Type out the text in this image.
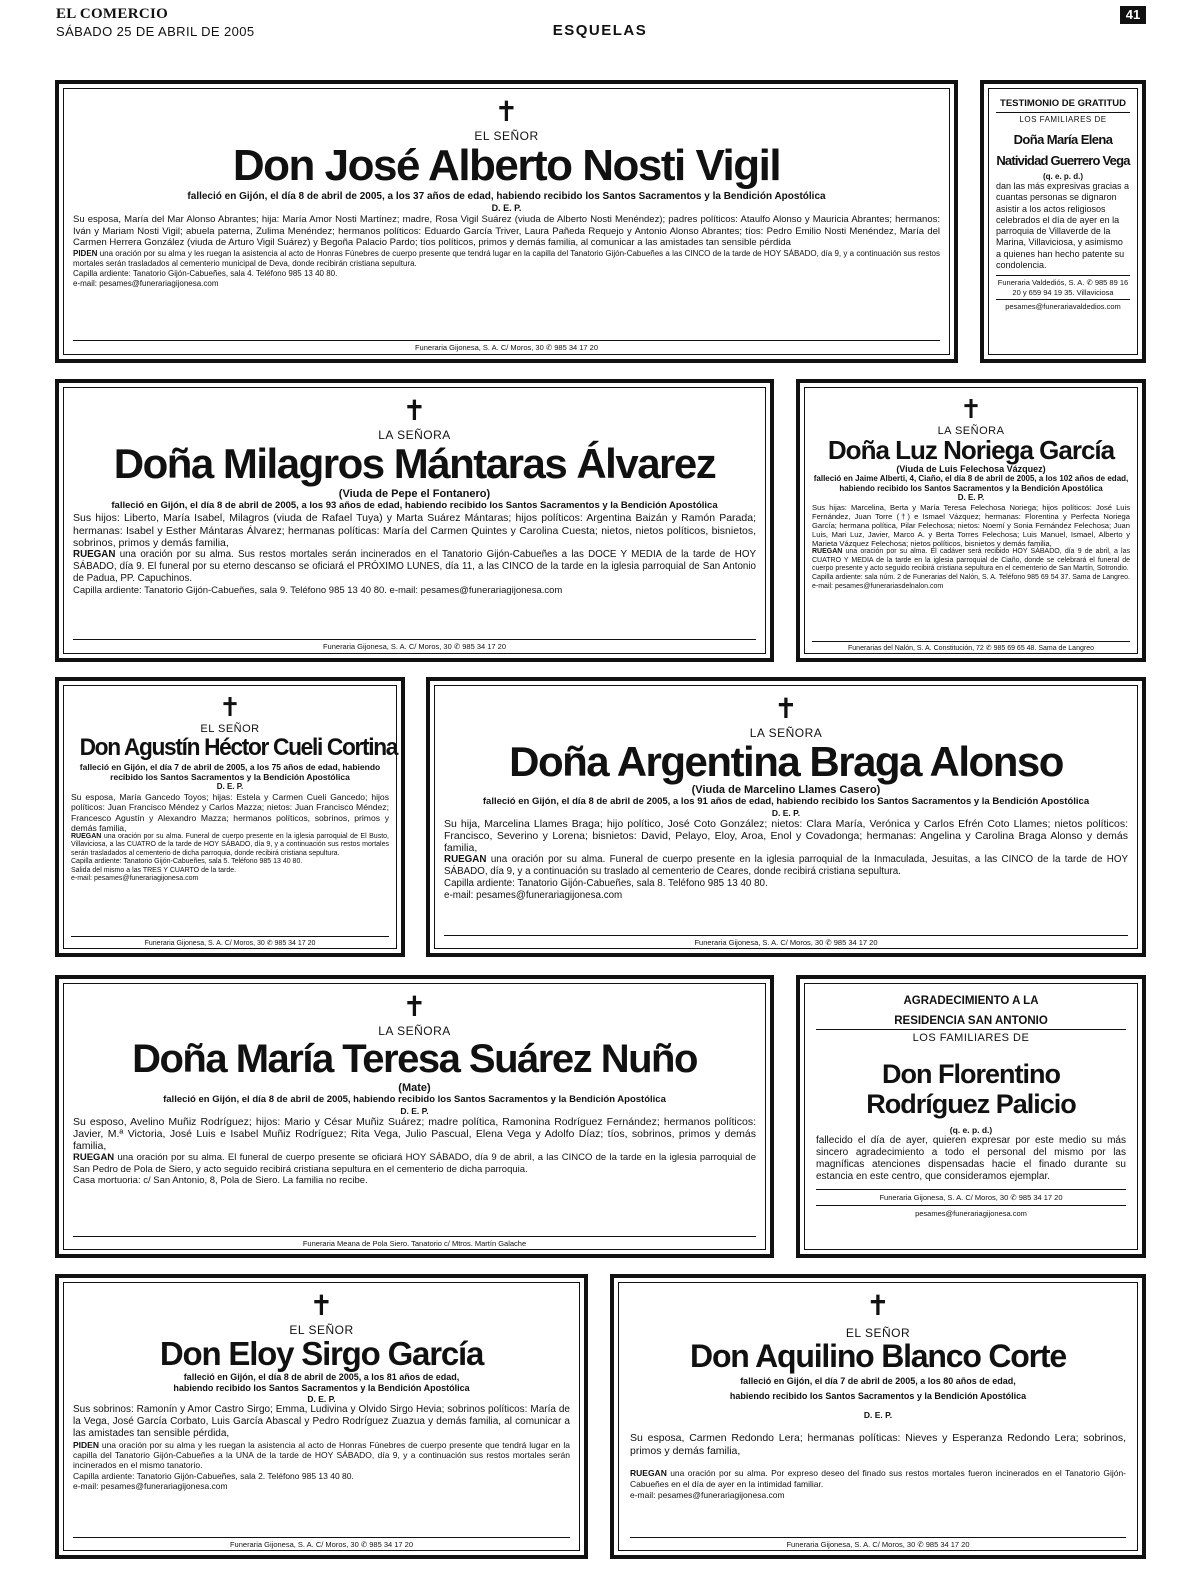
EL COMERCIO
SÁBADO 25 DE ABRIL DE 2005	ESQUELAS
41
✝
EL SEÑOR
Don José Alberto Nosti Vigil
falleció en Gijón, el día 8 de abril de 2005, a los 37 años de edad, habiendo recibido los Santos Sacramentos y la Bendición Apostólica
D. E. P.
Su esposa, María del Mar Alonso Abrantes; hija: María Amor Nosti Martínez; madre, Rosa Vigil Suárez (viuda de Alberto Nosti Menéndez); padres políticos: Ataulfo Alonso y Mauricia Abrantes; hermanos: Iván y Mariam Nosti Vigil; abuela paterna, Zulima Menéndez; hermanos políticos: Eduardo García Triver, Laura Pañeda Requejo y Antonio Alonso Abrantes; tíos: Pedro Emilio Nosti Menéndez, María del Carmen Herrera González (viuda de Arturo Vigil Suárez) y Begoña Palacio Pardo; tíos políticos, primos y demás familia, al comunicar a las amistades tan sensible pérdida
PIDEN una oración por su alma y les ruegan la asistencia al acto de Honras Fúnebres de cuerpo presente que tendrá lugar en la capilla del Tanatorio Gijón-Cabueñes a las CINCO de la tarde de HOY SÁBADO, día 9, y a continuación sus restos mortales serán trasladados al cementerio municipal de Deva, donde recibirán cristiana sepultura.
Capilla ardiente: Tanatorio Gijón-Cabueñes, sala 4. Teléfono 985 13 40 80.
e-mail: pesames@funerariagijonesa.com
Funeraria Gijonesa, S. A. C/ Moros, 30 ✆ 985 34 17 20
TESTIMONIO DE GRATITUD
LOS FAMILIARES DE
Doña María Elena
Natividad Guerrero Vega
(q. e. p. d.)
dan las más expresivas gracias a cuantas personas se dignaron asistir a los actos religiosos celebrados el día de ayer en la parroquia de Villaverde de la Marina, Villaviciosa, y asimismo a quienes han hecho patente su condolencia.
Funeraria Valdediós, S. A. ✆ 985 89 16 20 y 659 94 19 35. Villaviciosa
pesames@funerariavaldedios.com
✝
LA SEÑORA
Doña Milagros Mántaras Álvarez
(Viuda de Pepe el Fontanero)
falleció en Gijón, el día 8 de abril de 2005, a los 93 años de edad, habiendo recibido los Santos Sacramentos y la Bendición Apostólica
Sus hijos: Liberto, María Isabel, Milagros (viuda de Rafael Tuya) y Marta Suárez Mántaras; hijos políticos: Argentina Baizán y Ramón Parada; hermanas: Isabel y Esther Mántaras Álvarez; hermanas políticas: María del Carmen Quintes y Carolina Cuesta; nietos, nietos políticos, bisnietos, sobrinos, primos y demás familia,
RUEGAN una oración por su alma. Sus restos mortales serán incinerados en el Tanatorio Gijón-Cabueñes a las DOCE Y MEDIA de la tarde de HOY SÁBADO, día 9. El funeral por su eterno descanso se oficiará el PRÓXIMO LUNES, día 11, a las CINCO de la tarde en la iglesia parroquial de San Antonio de Padua, PP. Capuchinos.
Capilla ardiente: Tanatorio Gijón-Cabueñes, sala 9. Teléfono 985 13 40 80. e-mail: pesames@funerariagijonesa.com
Funeraria Gijonesa, S. A. C/ Moros, 30 ✆ 985 34 17 20
✝
LA SEÑORA
Doña Luz Noriega García
(Viuda de Luis Felechosa Vázquez)
falleció en Jaime Alberti, 4, Ciaño, el día 8 de abril de 2005, a los 102 años de edad, habiendo recibido los Santos Sacramentos y la Bendición Apostólica
D. E. P.
Sus hijas: Marcelina, Berta y María Teresa Felechosa Noriega; hijos políticos: José Luis Fernández, Juan Torre (†) e Ismael Vázquez; hermanas: Florentina y Perfecta Noriega García; hermana política, Pilar Felechosa; nietos: Noemí y Sonia Fernández Felechosa; Juan Luis, Mari Luz, Javier, Marco A. y Berta Torres Felechosa; Luis Manuel, Ismael, Alberto y Marieta Vázquez Felechosa; nietos políticos, bisnietos y demás familia,
RUEGAN una oración por su alma. El cadáver será recibido HOY SÁBADO, día 9 de abril, a las CUATRO Y MEDIA de la tarde en la iglesia parroquial de Ciaño, donde se celebrará el funeral de cuerpo presente y acto seguido recibirá cristiana sepultura en el cementerio de San Martín, Sotrondio.
Capilla ardiente: sala núm. 2 de Funerarias del Nalón, S. A. Teléfono 985 69 54 37. Sama de Langreo. e-mail: pesames@funerariasdelnalon.com
Funerarias del Nalón, S. A. Constitución, 72 ✆ 985 69 65 48. Sama de Langreo
✝
EL SEÑOR
Don Agustín Héctor Cueli Cortina
falleció en Gijón, el día 7 de abril de 2005, a los 75 años de edad, habiendo recibido los Santos Sacramentos y la Bendición Apostólica
D. E. P.
Su esposa, María Gancedo Toyos; hijas: Estela y Carmen Cueli Gancedo; hijos políticos: Juan Francisco Méndez y Carlos Mazza; nietos: Juan Francisco Méndez; Francesco Agustín y Alexandro Mazza; hermanos políticos, sobrinos, primos y demás familia,
RUEGAN una oración por su alma. Funeral de cuerpo presente en la iglesia parroquial de El Busto, Villaviciosa, a las CUATRO de la tarde de HOY SÁBADO, día 9, y a continuación sus restos mortales serán trasladados al cementerio de dicha parroquia, donde recibirá cristiana sepultura.
Capilla ardiente: Tanatorio Gijón-Cabueñes, sala 5. Teléfono 985 13 40 80.
Salida del mismo a las TRES Y CUARTO de la tarde.
e-mail: pesames@funerariagijonesa.com
Funeraria Gijonesa, S. A. C/ Moros, 30 ✆ 985 34 17 20
✝
LA SEÑORA
Doña Argentina Braga Alonso
(Viuda de Marcelino Llames Casero)
falleció en Gijón, el día 8 de abril de 2005, a los 91 años de edad, habiendo recibido los Santos Sacramentos y la Bendición Apostólica
D. E. P.
Su hija, Marcelina Llames Braga; hijo político, José Coto González; nietos: Clara María, Verónica y Carlos Efrén Coto Llames; nietos políticos: Francisco, Severino y Lorena; bisnietos: David, Pelayo, Eloy, Aroa, Enol y Covadonga; hermanas: Angelina y Carolina Braga Alonso y demás familia,
RUEGAN una oración por su alma. Funeral de cuerpo presente en la iglesia parroquial de la Inmaculada, Jesuitas, a las CINCO de la tarde de HOY SÁBADO, día 9, y a continuación su traslado al cementerio de Ceares, donde recibirá cristiana sepultura.
Capilla ardiente: Tanatorio Gijón-Cabueñes, sala 8. Teléfono 985 13 40 80.
e-mail: pesames@funerariagijonesa.com
Funeraria Gijonesa, S. A. C/ Moros, 30 ✆ 985 34 17 20
✝
LA SEÑORA
Doña María Teresa Suárez Nuño
(Mate)
falleció en Gijón, el día 8 de abril de 2005, habiendo recibido los Santos Sacramentos y la Bendición Apostólica
D. E. P.
Su esposo, Avelino Muñiz Rodríguez; hijos: Mario y César Muñiz Suárez; madre política, Ramonina Rodríguez Fernández; hermanos políticos: Javier, M.ª Victoria, José Luis e Isabel Muñiz Rodríguez; Rita Vega, Julio Pascual, Elena Vega y Adolfo Díaz; tíos, sobrinos, primos y demás familia,
RUEGAN una oración por su alma. El funeral de cuerpo presente se oficiará HOY SÁBADO, día 9 de abril, a las CINCO de la tarde en la iglesia parroquial de San Pedro de Pola de Siero, y acto seguido recibirá cristiana sepultura en el cementerio de dicha parroquia.
Casa mortuoria: c/ San Antonio, 8, Pola de Siero. La familia no recibe.
Funeraria Meana de Pola Siero. Tanatorio c/ Mtros. Martín Galache
AGRADECIMIENTO A LA
RESIDENCIA SAN ANTONIO
LOS FAMILIARES DE
Don Florentino
Rodríguez Palicio
(q. e. p. d.)
fallecido el día de ayer, quieren expresar por este medio su más sincero agradecimiento a todo el personal del mismo por las magníficas atenciones dispensadas hacie el finado durante su estancia en este centro, que consideramos ejemplar.
Funeraria Gijonesa, S. A. C/ Moros, 30 ✆ 985 34 17 20
pesames@funerariagijonesa.com
✝
EL SEÑOR
Don Eloy Sirgo García
falleció en Gijón, el día 8 de abril de 2005, a los 81 años de edad,
habiendo recibido los Santos Sacramentos y la Bendición Apostólica
D. E. P.
Sus sobrinos: Ramonín y Amor Castro Sirgo; Emma, Ludivina y Olvido Sirgo Hevia; sobrinos políticos: María de la Vega, José García Corbato, Luis García Abascal y Pedro Rodríguez Zuazua y demás familia, al comunicar a las amistades tan sensible pérdida,
PIDEN una oración por su alma y les ruegan la asistencia al acto de Honras Fúnebres de cuerpo presente que tendrá lugar en la capilla del Tanatorio Gijón-Cabueñes a la UNA de la tarde de HOY SÁBADO, día 9, y a continuación sus restos mortales serán incinerados en el mismo tanatorio.
Capilla ardiente: Tanatorio Gijón-Cabueñes, sala 2. Teléfono 985 13 40 80.
e-mail: pesames@funerariagijonesa.com
Funeraria Gijonesa, S. A. C/ Moros, 30 ✆ 985 34 17 20
✝
EL SEÑOR
Don Aquilino Blanco Corte
falleció en Gijón, el día 7 de abril de 2005, a los 80 años de edad,
habiendo recibido los Santos Sacramentos y la Bendición Apostólica
D. E. P.
Su esposa, Carmen Redondo Lera; hermanas políticas: Nieves y Esperanza Redondo Lera; sobrinos, primos y demás familia,
RUEGAN una oración por su alma. Por expreso deseo del finado sus restos mortales fueron incinerados en el Tanatorio Gijón-Cabueñes en el día de ayer en la intimidad familiar.
e-mail: pesames@funerariagijonesa.com
Funeraria Gijonesa, S. A. C/ Moros, 30 ✆ 985 34 17 20
